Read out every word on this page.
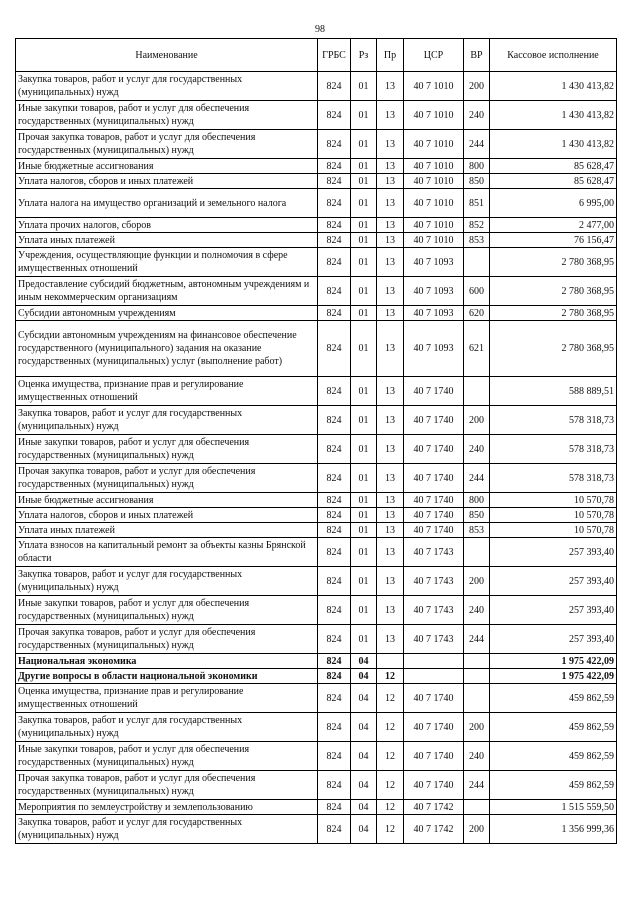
98
Наименование	ГРБС	Рз	Пр	ЦСР	ВР	Кассовое исполнение
Закупка товаров, работ и услуг для государственных (муниципальных) нужд	824	01	13	40 7 1010	200	1 430 413,82
Иные закупки товаров, работ и услуг для обеспечения государственных (муниципальных) нужд	824	01	13	40 7 1010	240	1 430 413,82
Прочая закупка товаров, работ и услуг для обеспечения государственных (муниципальных) нужд	824	01	13	40 7 1010	244	1 430 413,82
Иные бюджетные ассигнования	824	01	13	40 7 1010	800	85 628,47
Уплата налогов, сборов и иных платежей	824	01	13	40 7 1010	850	85 628,47
Уплата налога на имущество организаций и земельного налога	824	01	13	40 7 1010	851	6 995,00
Уплата прочих налогов, сборов	824	01	13	40 7 1010	852	2 477,00
Уплата иных платежей	824	01	13	40 7 1010	853	76 156,47
Учреждения, осуществляющие функции и полномочия в сфере имущественных отношений	824	01	13	40 7 1093		2 780 368,95
Предоставление субсидий бюджетным, автономным учреждениям и иным некоммерческим организациям	824	01	13	40 7 1093	600	2 780 368,95
Субсидии автономным учреждениям	824	01	13	40 7 1093	620	2 780 368,95
Субсидии автономным учреждениям на финансовое обеспечение государственного (муниципального) задания на оказание государственных (муниципальных) услуг (выполнение работ)	824	01	13	40 7 1093	621	2 780 368,95
Оценка имущества, признание прав и регулирование имущественных отношений	824	01	13	40 7 1740		588 889,51
Закупка товаров, работ и услуг для государственных (муниципальных) нужд	824	01	13	40 7 1740	200	578 318,73
Иные закупки товаров, работ и услуг для обеспечения государственных (муниципальных) нужд	824	01	13	40 7 1740	240	578 318,73
Прочая закупка товаров, работ и услуг для обеспечения государственных (муниципальных) нужд	824	01	13	40 7 1740	244	578 318,73
Иные бюджетные ассигнования	824	01	13	40 7 1740	800	10 570,78
Уплата налогов, сборов и иных платежей	824	01	13	40 7 1740	850	10 570,78
Уплата иных платежей	824	01	13	40 7 1740	853	10 570,78
Уплата взносов на капитальный ремонт за объекты казны Брянской области	824	01	13	40 7 1743		257 393,40
Закупка товаров, работ и услуг для государственных (муниципальных) нужд	824	01	13	40 7 1743	200	257 393,40
Иные закупки товаров, работ и услуг для обеспечения государственных (муниципальных) нужд	824	01	13	40 7 1743	240	257 393,40
Прочая закупка товаров, работ и услуг для обеспечения государственных (муниципальных) нужд	824	01	13	40 7 1743	244	257 393,40
Национальная экономика	824	04				1 975 422,09
Другие вопросы в области национальной экономики	824	04	12			1 975 422,09
Оценка имущества, признание прав и регулирование имущественных отношений	824	04	12	40 7 1740		459 862,59
Закупка товаров, работ и услуг для государственных (муниципальных) нужд	824	04	12	40 7 1740	200	459 862,59
Иные закупки товаров, работ и услуг для обеспечения государственных (муниципальных) нужд	824	04	12	40 7 1740	240	459 862,59
Прочая закупка товаров, работ и услуг для обеспечения государственных (муниципальных) нужд	824	04	12	40 7 1740	244	459 862,59
Мероприятия по землеустройству и землепользованию	824	04	12	40 7 1742		1 515 559,50
Закупка товаров, работ и услуг для государственных (муниципальных) нужд	824	04	12	40 7 1742	200	1 356 999,36
